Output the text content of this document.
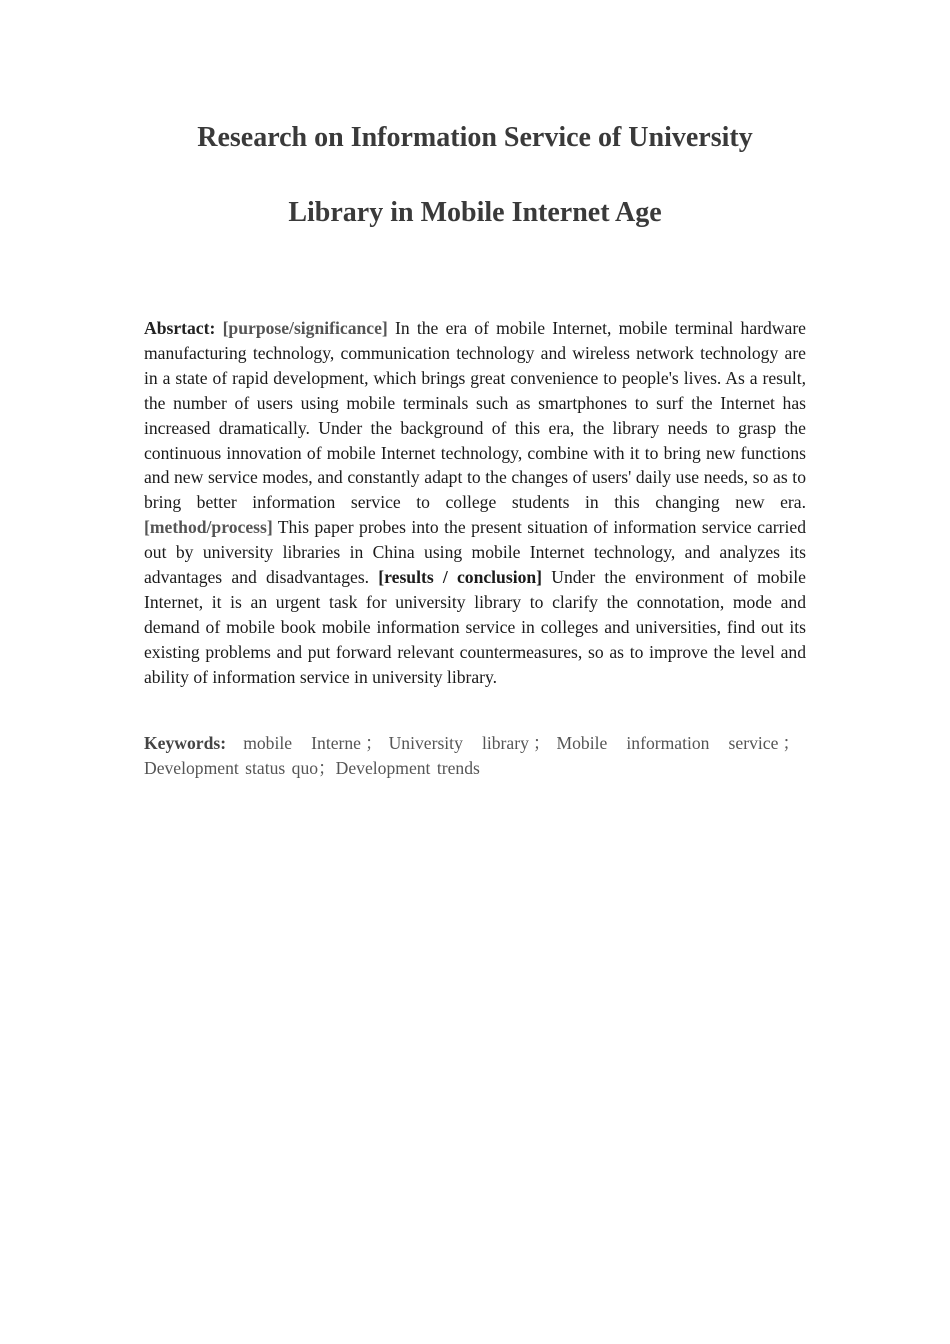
Research on Information Service of University

Library in Mobile Internet Age

Absrtact: [purpose/significance] In the era of mobile Internet, mobile terminal hardware manufacturing technology, communication technology and wireless network technology are in a state of rapid development, which brings great convenience to people's lives. As a result, the number of users using mobile terminals such as smartphones to surf the Internet has increased dramatically. Under the background of this era, the library needs to grasp the continuous innovation of mobile Internet technology, combine with it to bring new functions and new service modes, and constantly adapt to the changes of users' daily use needs, so as to bring better information service to college students in this changing new era. [method/process] This paper probes into the present situation of information service carried out by university libraries in China using mobile Internet technology, and analyzes its advantages and disadvantages. [results / conclusion] Under the environment of mobile Internet, it is an urgent task for university library to clarify the connotation, mode and demand of mobile book mobile information service in colleges and universities, find out its existing problems and put forward relevant countermeasures, so as to improve the level and ability of information service in university library.

Keywords: mobile Interne ； University library ； Mobile information service ；Development status quo；Development trends
